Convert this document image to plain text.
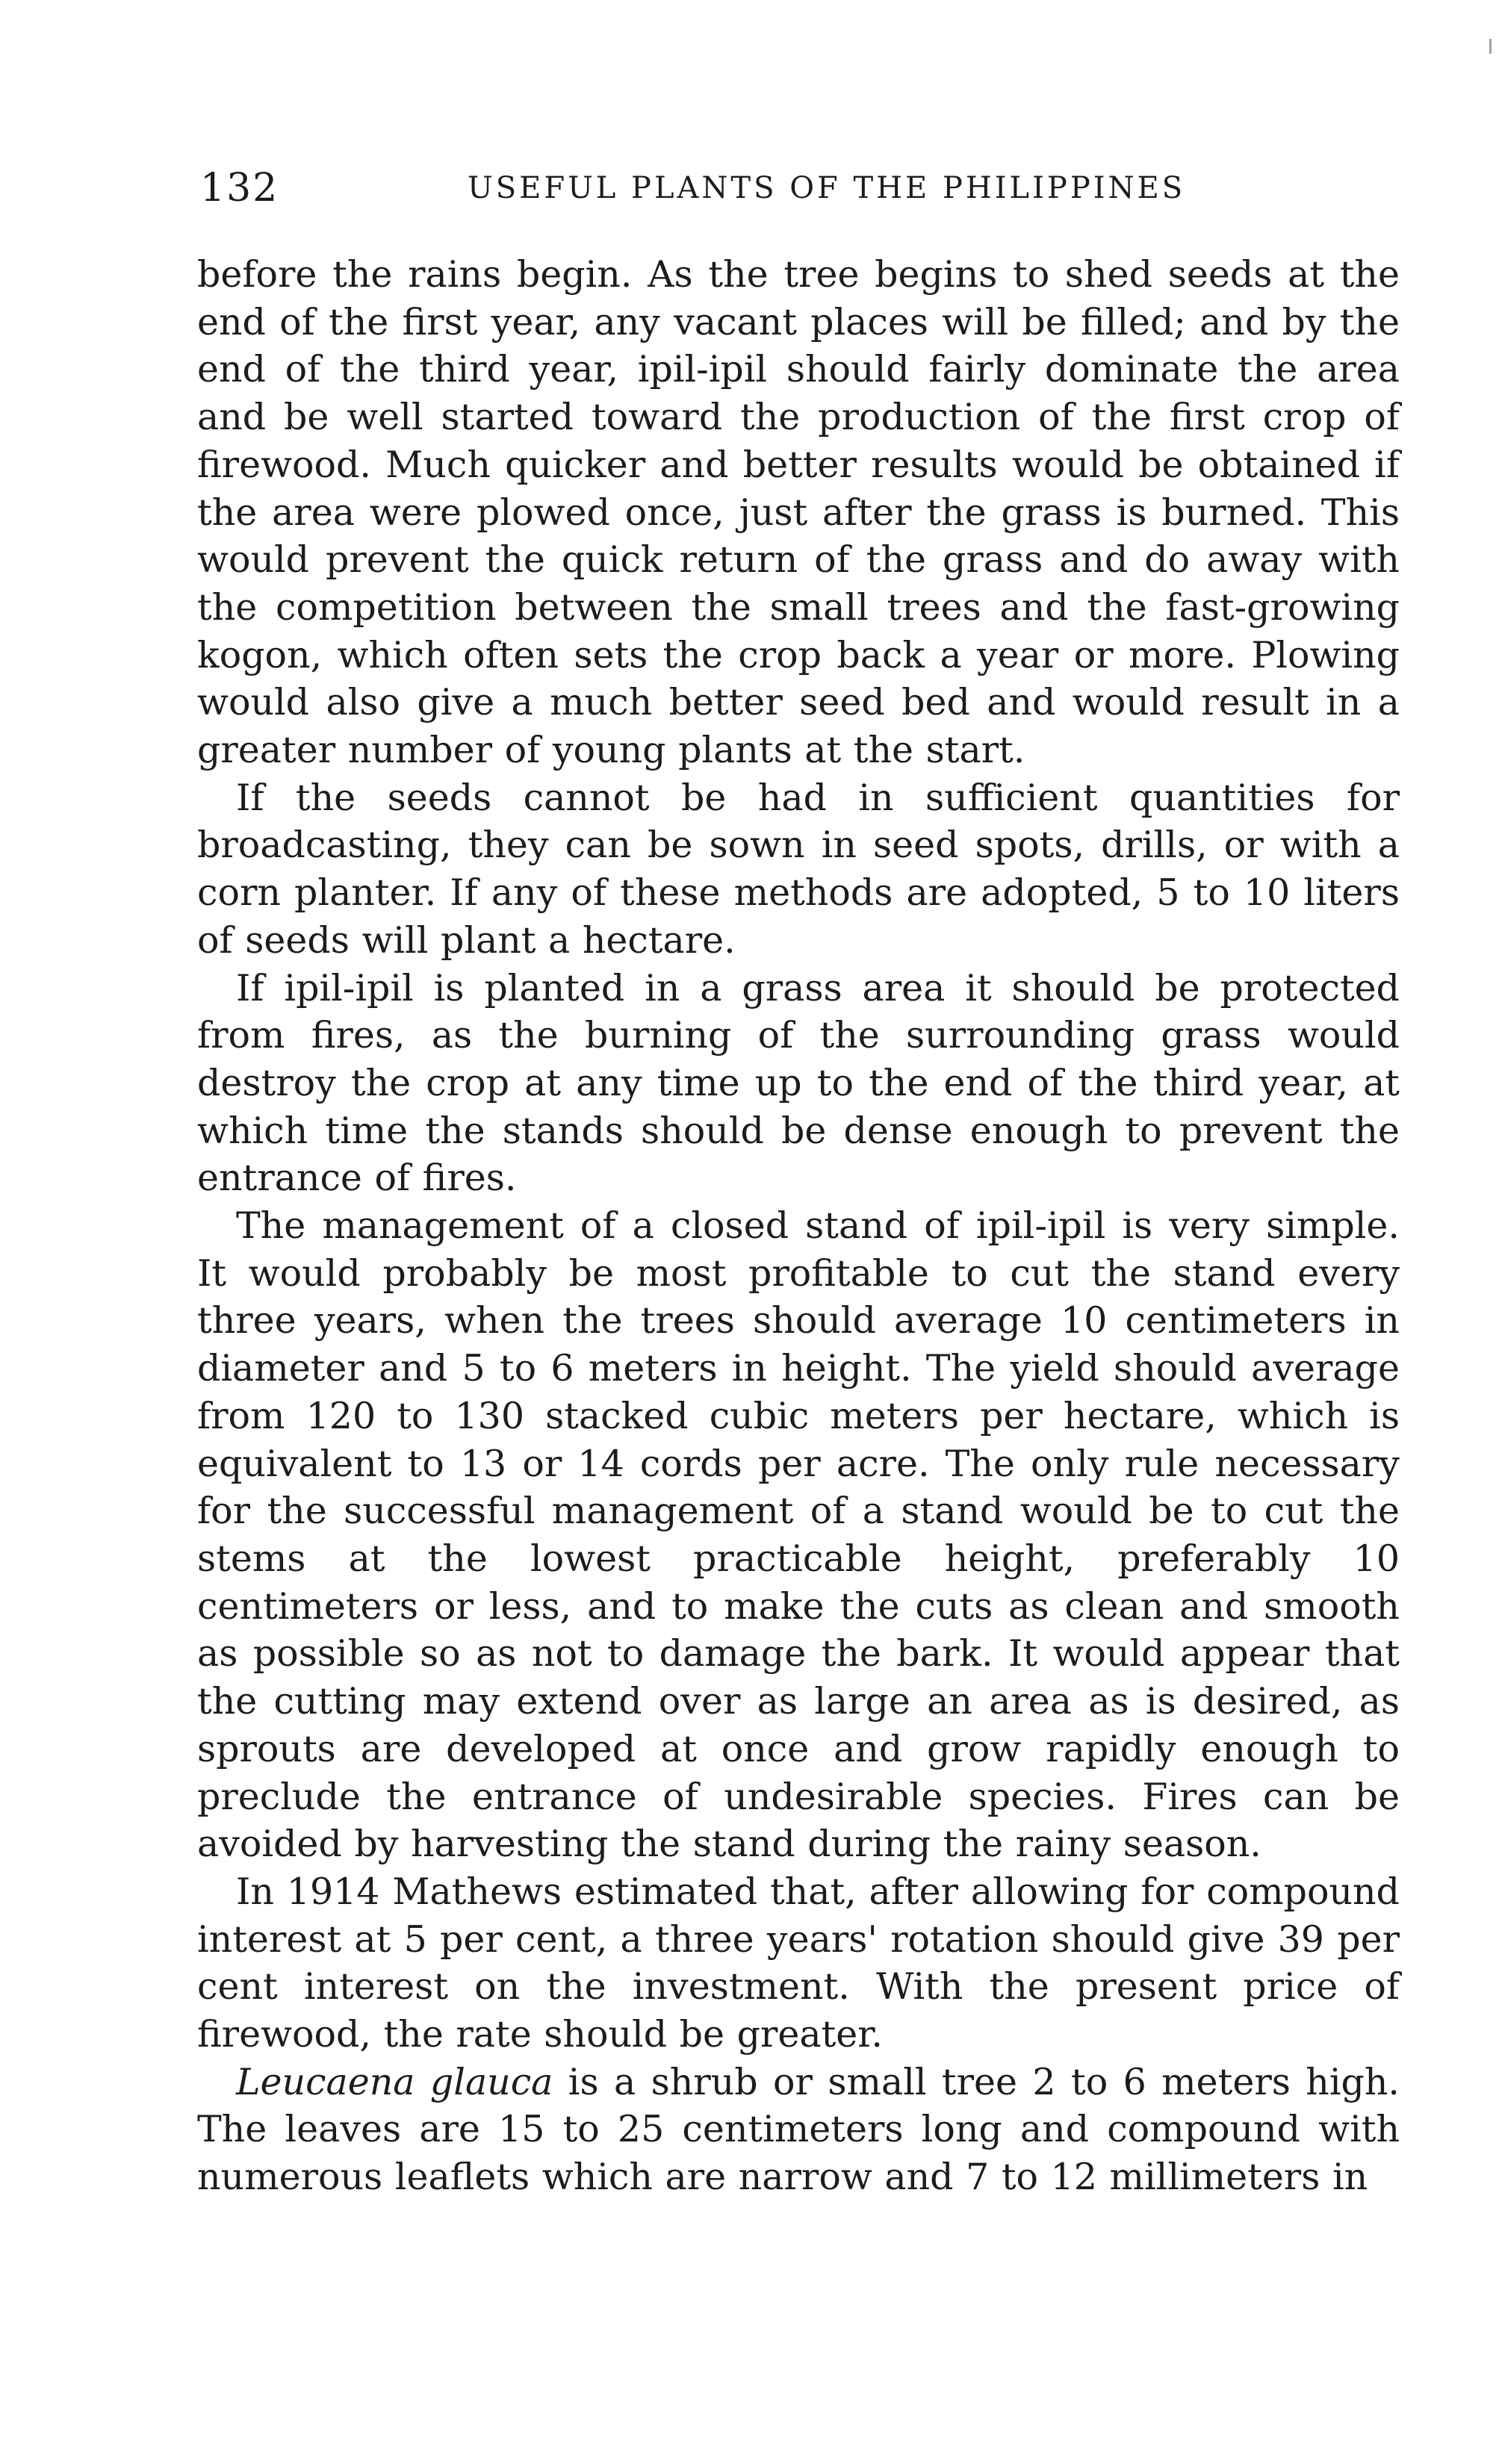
132	USEFUL PLANTS OF THE PHILIPPINES

before the rains begin. As the tree begins to shed seeds at the end of the first year, any vacant places will be filled; and by the end of the third year, ipil-ipil should fairly dominate the area and be well started toward the production of the first crop of firewood. Much quicker and better results would be obtained if the area were plowed once, just after the grass is burned. This would prevent the quick return of the grass and do away with the competition between the small trees and the fast-growing kogon, which often sets the crop back a year or more. Plowing would also give a much better seed bed and would result in a greater number of young plants at the start.

If the seeds cannot be had in sufficient quantities for broadcasting, they can be sown in seed spots, drills, or with a corn planter. If any of these methods are adopted, 5 to 10 liters of seeds will plant a hectare.

If ipil-ipil is planted in a grass area it should be protected from fires, as the burning of the surrounding grass would destroy the crop at any time up to the end of the third year, at which time the stands should be dense enough to prevent the entrance of fires.

The management of a closed stand of ipil-ipil is very simple. It would probably be most profitable to cut the stand every three years, when the trees should average 10 centimeters in diameter and 5 to 6 meters in height. The yield should average from 120 to 130 stacked cubic meters per hectare, which is equivalent to 13 or 14 cords per acre. The only rule necessary for the successful management of a stand would be to cut the stems at the lowest practicable height, preferably 10 centimeters or less, and to make the cuts as clean and smooth as possible so as not to damage the bark. It would appear that the cutting may extend over as large an area as is desired, as sprouts are developed at once and grow rapidly enough to preclude the entrance of undesirable species. Fires can be avoided by harvesting the stand during the rainy season.

In 1914 Mathews estimated that, after allowing for compound interest at 5 per cent, a three years' rotation should give 39 per cent interest on the investment. With the present price of firewood, the rate should be greater.

Leucaena glauca is a shrub or small tree 2 to 6 meters high. The leaves are 15 to 25 centimeters long and compound with numerous leaflets which are narrow and 7 to 12 millimeters in
